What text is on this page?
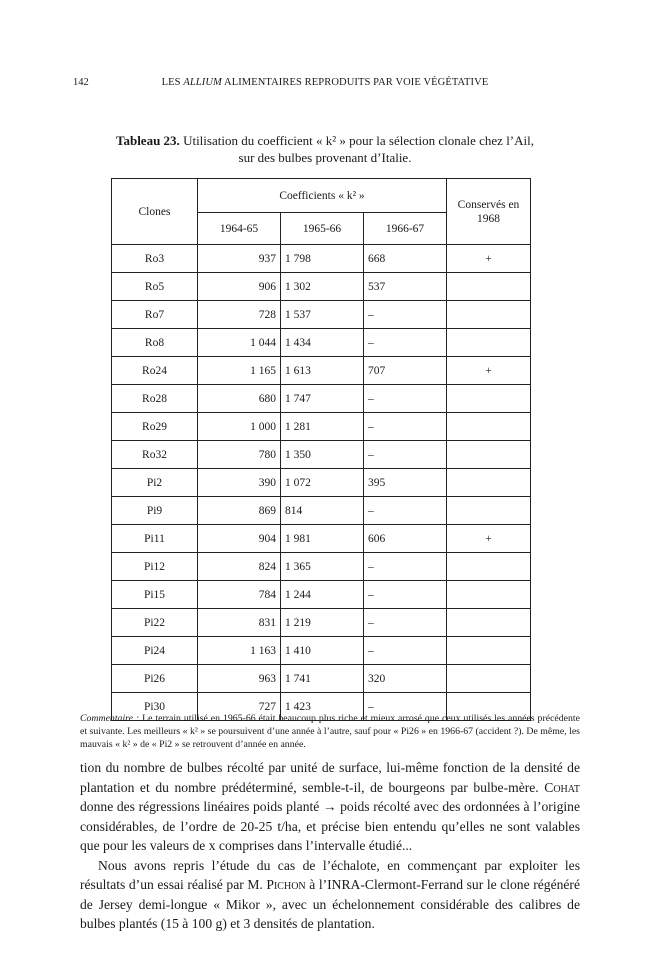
142	LES ALLIUM ALIMENTAIRES REPRODUITS PAR VOIE VÉGÉTATIVE
Tableau 23. Utilisation du coefficient « k² » pour la sélection clonale chez l’Ail,
sur des bulbes provenant d’Italie.
Clones	Coefficients « k² »			Conservés en 1968
	1964-65	1965-66	1966-67	
Ro3	937	1 798	668	+
Ro5	906	1 302	537	
Ro7	728	1 537	–	
Ro8	1 044	1 434	–	
Ro24	1 165	1 613	707	+
Ro28	680	1 747	–	
Ro29	1 000	1 281	–	
Ro32	780	1 350	–	
Pi2	390	1 072	395	
Pi9	869	814	–	
Pi11	904	1 981	606	+
Pi12	824	1 365	–	
Pi15	784	1 244	–	
Pi22	831	1 219	–	
Pi24	1 163	1 410	–	
Pi26	963	1 741	320	
Pi30	727	1 423	–	
Commentaire : Le terrain utilisé en 1965-66 était beaucoup plus riche et mieux arrosé que ceux utilisés les années précédente et suivante. Les meilleurs « k² » se poursuivent d’une année à l’autre, sauf pour « Pi26 » en 1966-67 (accident ?). De même, les mauvais « k² » de « Pi2 » se retrouvent d’année en année.

tion du nombre de bulbes récolté par unité de surface, lui-même fonction de la densité de plantation et du nombre prédéterminé, semble-t-il, de bourgeons par bulbe-mère. Cohat donne des régressions linéaires poids planté → poids récolté avec des ordonnées à l’origine considérables, de l’ordre de 20-25 t/ha, et précise bien entendu qu’elles ne sont valables que pour les valeurs de x comprises dans l’intervalle étudié...

Nous avons repris l’étude du cas de l’échalote, en commençant par exploiter les résultats d’un essai réalisé par M. Pichon à l’INRA-Clermont-Ferrand sur le clone régénéré de Jersey demi-longue « Mikor », avec un échelonnement considérable des calibres de bulbes plantés (15 à 100 g) et 3 densités de plantation.
